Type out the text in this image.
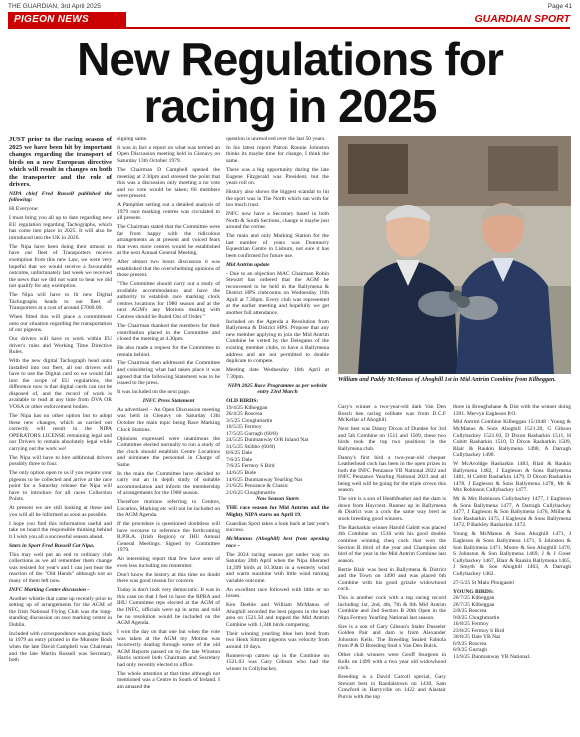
THE GUARDIAN, 3rd April 2025	Page 41
PIGEON NEWS	GUARDIAN SPORT
New Regulations for
racing in 2025

JUST prior to the racing season of 2025 we have been hit by important changes regarding the transport of birds on a new European directive which will result in changes on both the transporter and the role of drivers.

NIPA chief Fred Russell published the following:

Hi Everyone:

I must bring you all up to date regarding new EU regulation regarding Tachographs, which has come into place in 2025. It will also be introduced into the UK in 2026.

The Nipa have been doing their utmost to have our fleet of Transporters receive exemption from this new Law, we were very hopeful that we would receive a favourable outcome, unfortunately last week we received the news that we did not want to hear we did not qualify for any exemption.

The Nipa will have to fit new Digital Tachographs heads to our fleet of Transporters at a cost of around £7000.00.

When fitted this will place a commitment onto our situation regarding the transportation of our pigeons.

Our drivers will have to work within EU driver's rules and Working Time Directive Rules.

With the new digital Tachograph head units installed into our fleet, all our drivers will have to use the Digital card so we would fall into the scope of EU regulations, the difference now is that digital cards can not be disposed of, and the record of work is available to read at any time from DVA OR VOSA or other enforcement bodies.

The Nipa has no other option but to adopt these new changes, which as carried out correctly will result in the NIPA OPERATORS LICENSE remaining legal and our Drivers to remain absolutely legal while carrying out the work we!

The Nipa will have to hire additional drivers possibly three to four.

The only option open to us if you require your pigeons to be collected and arrive at the race point for a Saturday release the Nipa will have to introduce for all races Collection Points.

At present we are still looking at these and you will all be informed as soon as possible.

I hope you find this information useful and take on board the responsible thinking behind it I wish you all a successful season ahead.

Stars in Sport Fred Russell Cat Nipa.

This may well put an end to ordinary club collections as we all remember them change was resisted for year's and I can just hear the reaction of the "Old Hands" although not so many of them left now.

INFC Marking Centre discussion –

Another whistle that came up recently prior to setting up of arrangements for the AGM of the Irish National Flying Club was the long-standing discussion on race marking centre in Dublin.

Included with correspondence was going back to 1979 an entry printed in the Munster Bosh when the late David Campbell was Chairman and the late Martin Russell was Secretary, both

signing same.

It was in fact a report on what was termed an Open Discussion meeting held in Glenavy on Saturday 13th October 1979.

The Chairman D Campbell opened the meeting at 2.30pm and stressed the point that this was a discussion only meeting a no vote and no vote would be taken; 66 members were present.

A Pamphlet setting out a detailed analysis of 1979 race marking centres was circulated to all present.

The Chairman stated that the Committee were far from happy with the ridiculous arrangements as at present and voiced fears that even more centres would be established at the next Annual General Meeting.

After almost two hours discussion it was established that the overwhelming opinions of those present.

"The Committee should carry out a study of available accommodation and have the authority to establish race marking clock centres locations for 1980 season and at the next AGM's any Motions dealing with Centres should be Ruled Out of Order."

The Chairman thanked the members for their contribution placed in the Committee and closed the meeting at 4.30pm.

He also made a request for the Committee to remain behind.

The Chairman then addressed the Committee and considering what had taken place it was agreed that the following Statement was to be issued to the press.

It was included on the next page.

INFC Press Statement

As advertised – An Open Discussion meeting was held in Glenavy on Saturday 13th October the main topic being Race Marking Clock Stations.

Opinions expressed were unanimous the Committee elected normally to run a study of the clock should establish Centre Locations and nominate the personnel in Charge of Same.

In the main the Committee have decided to carry out an in depth study of suitable accommodation and inform the membership of arrangements for the 1980 season.

Therefore motions referring to Centres, Location, Marking etc will not be included on the AGM Agenda.

If the procedure is questioned doubtless will have recourse to reference the forthcoming R.P.R.A. (Irish Region) or IHU Annual General Meetings. Signed by Committee 1979.

An interesting report that few have seen of even less including me remember.

Don't know the history at this time no doubt there was good reason for concern.

Today is don't look very democratic. It was in this case no that I feel to have the RPRA and IHU Committee reps elected at the AGM of the INFC, officials were up in arms and told be no resolution would be included on the AGM Agenda.

I won the day on that one but when the vote was taken at the AGM my Motion was incorrectly dealing through some of the old AGM Reports passed on by the late Winston Harris noticed both Chairman and Secretary had only recently elected to office.

The whole attention at that time although not mentioned was a Centre in South of Ireland. I am amazed the

question is unresolved over the last 50 years.

In his latest report Patron Ronnie Johnston thinks its maybe time for change, I think the same.

There was a big opportunity during the late Eugene Fitzgerald was President, but the years roll on.

History also shows the biggest scandal to hit the sport was in The North which ran with for too much trust.

INFC now have a Secretary based in both North & South Sections, change is maybe just around the corner.

The main and only Marking Station for the last number of years was Dunmurry Equestrian Centre in Lisburn, not sure it has been confirmed for future use.

Mid Antrim update

- Due to an objection MAC Chairman Robin Stewart has ordered that the AGM be reconvened to be held in the Ballymena & District HPS clubrooms on Wednesday 16th April at 7.30pm. Every club was represented at the earlier meeting and hopefully we get another full attendance.

Included on the Agenda a Resolution from Ballymena & District HPS. Propose that any new member applying to join the Mid Antrim Combine be vetted by the Delegates of the existing member clubs, to have a Ballymena address and are not permitted to double duplicate to compete.

Meeting date Wednesday 16th April at 7.30pm.

NIPA 2025 Race Programme as per website entry 23rd March

OLD BIRDS:

19/4/25 Kilbeggan

26/4/25 Roscrea

3/5/25 Cloughmartin

10/5/25 Fermoy

17/5/25 Gurragh (60/8)

24/5/25 Dunmanway O/R Inland Nat

31/5/25 Skibbo (60/8)

8/6/25 Dale

7/6/25 Dale

7/6/25 Fermoy S Bird

14/6/25 Bude

14/6/25 Dunmanway Yearling Nat

21/6/25 Penzance & Classic

21/6/25 Cloughmartin

Now Season Starts

THE race season for Mid Antrim and the Mighty NIPA starts on April 19.

Guardian Sport takes a look back at last year's success.

McMannus (Ahoghill) best from opening race –

The 2024 racing season got under way on Saturday 20th April when the Nipa liberated 14,399 birds at 10.30am in a westerly wind and warm sunshine with little wind turning variable outcome.

An excellent race followed with little or no losses.

Ken Deeble and William McManus of Ahoghill recorded the best pigeon in the lead area on 1521.50 and topped the Mid Antrim Combine with 1,348 birds competing.

Their winning yearling blue hen bred from two Henk Sittrom pigeons was velocity from around 10 days.

Runners-up cameo up in the Combine on 1521.03 was Gary Gibson who had the winner in Collybackey.

William and Paddy McManus of Ahoghill 1st in Mid Antrim Combine from Kilbeggan.

Gary's winner a two-year-old dark Van Den Bosch hen racing celibate was from D.C.F McKellar of Ahoghill.

Next best was Danny Dixon of Dundee for 3rd and 5th Combine on 1511 and 1509, these two birds took the top two positions in the Ballymena club.

Danny's first bird a two-year-old chequer Leatherhead cock has been in the open prizes in both the INFC Penzance YB National 2022 and INFC Penzance Yearling National 2023 and all being well will be going for the triple crown this season.

The sire is a son of Heathfeather and the dam is down from Haycrest. Runner up in Ballymena & District was a cock the same way bred as stock breeding good winners.

The Rasharkin winner Harold Gabitt was placed 4th Combine on 1510 with his good double continue winning cheq cock that won the Section B third of the year and Champion old bird of the year in the Mid Antrim Combine last season.

Bertie Blair was best in Ballymena & District and the Town on 1490 and was placed 6th Combine with his good grizzle widowhood cock.

This is another cock with a top racing record including 1st, 2nd, 4th, 7th & 9th Mid Antrim Combine and 2nd Section B 20th Open in the Nipa Fermoy Yearling National last season.

Sire is a son of Gary Gibson's Staler Dusseler Golden Pair and dam is from Alexander Johnston Kells. The Breeding Sealed Fabiola from P & D Breeding Stud x Van Den Bulck.

Other club winners were Geoff Sturgeon in Kells on 1499 with a two year old widowhood cock.

Breeding is a David Carroll special, Gary Stewart best in Randalstown on 1430, Sam Crawford in Harryville on 1422 and Alastair Purvis with the top

three in Broughshane & Dist with the winner doing 1391. Mervyn Eagleson P.O.

Mid Antrim Combine Kilbeggan 15/1048 : Young & McManus & Sons Ahoghill 1521.20, G Gibson Cullybackey 1521.03, D Dixon Rasharkin 1511, H Cubitt Rasharkin 1510, D Dixon Rasharkin 1509, Blair & Raukin Ballymena 1490, A Darragh Cullybackey 1490.

W McAvoldge Rasharkin 1483, Blair & Raukin Ballymena 1482, J Eagleson & Sons Ballymena 1481, H Cubitt Rasharkin 1479, D Dixon Rasharkin 1478, J Eagleson & Sons Ballymena 1478, Mr & Mrs Robinson Cullybackey 1477.

Mr & Mrs Robinson Cullybackey 1477, J Eagleson & Sons Ballymena 1477, A Darragh Cullybackey 1477, J Eagleson & Son Ballymena 1476, Millar & Son Rasharkin 1475, J Eagleson & Sons Ballymena 1472, P Barkley Rasharkin 1472.

Young & McManus & Sons Ahoghill 1471, J Eagleson & Sons Ballymena 1471, S Johnston & Son Ballymena 1471, Moore & Son Ahoghill 1470, S Johnston & Son Ballymena 1469, J & J Greer Cullybackey 1467, Blair & Raukin Ballymena 1465, J Smyth & Son Ahoghill 1463, A Darragh Cullybackey 1462.

27-5/25 St Malo Plougastel

YOUNG BIRDS:

26/7/25 Kilbeggan

26/7/25 Kilbeggan

2/8/25 Roscrea

9/8/25 Cloughmartin

16/8/25 Fermoy

23/8/25 Fermoy S Bird

30/8/25 Dale YB Nat

6/9/25 Roscrea

6/9/25 Gurragh

13/9/25 Dunmanway YB National.
